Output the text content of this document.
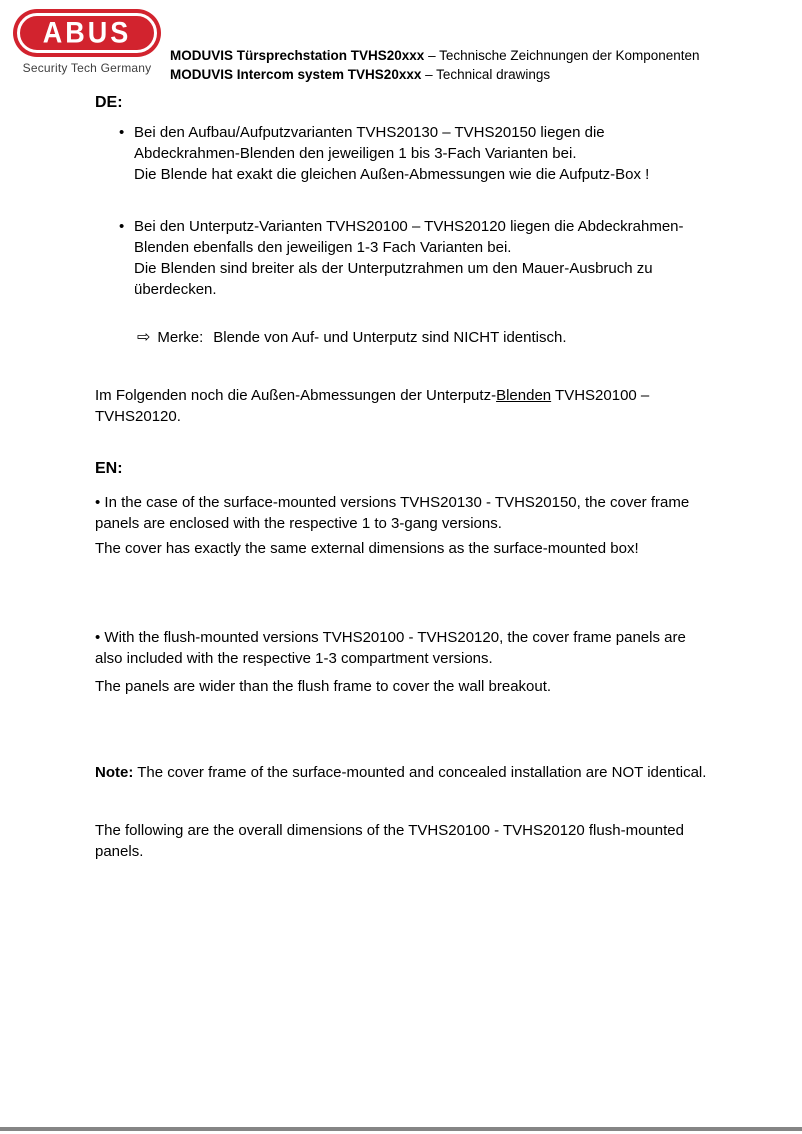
ABUS
Security Tech Germany
MODUVIS Türsprechstation TVHS20xxx – Technische Zeichnungen der Komponenten
MODUVIS Intercom system TVHS20xxx – Technical drawings
DE:
• Bei den Aufbau/Aufputzvarianten TVHS20130 – TVHS20150 liegen die
Abdeckrahmen-Blenden den jeweiligen 1 bis 3-Fach Varianten bei.
Die Blende hat exakt die gleichen Außen-Abmessungen wie die Aufputz-Box !
• Bei den Unterputz-Varianten TVHS20100 – TVHS20120 liegen die Abdeckrahmen-
Blenden ebenfalls den jeweiligen 1-3 Fach Varianten bei.
Die Blenden sind breiter als der Unterputzrahmen um den Mauer-Ausbruch zu
überdecken.
⇨ Merke: Blende von Auf- und Unterputz sind NICHT identisch.
Im Folgenden noch die Außen-Abmessungen der Unterputz-Blenden TVHS20100 –
TVHS20120.
EN:
• In the case of the surface-mounted versions TVHS20130 - TVHS20150, the cover frame
panels are enclosed with the respective 1 to 3-gang versions.
The cover has exactly the same external dimensions as the surface-mounted box!
• With the flush-mounted versions TVHS20100 - TVHS20120, the cover frame panels are
also included with the respective 1-3 compartment versions.
The panels are wider than the flush frame to cover the wall breakout.
Note: The cover frame of the surface-mounted and concealed installation are NOT identical.
The following are the overall dimensions of the TVHS20100 - TVHS20120 flush-mounted
panels.
